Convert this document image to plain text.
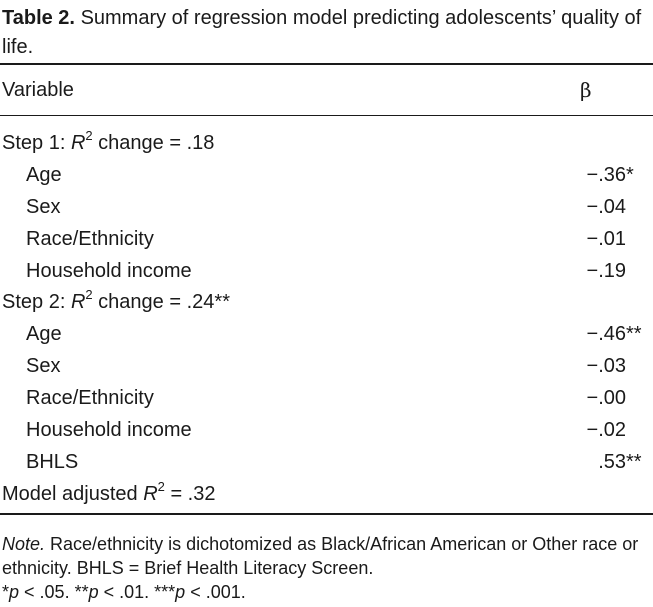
Table 2. Summary of regression model predicting adolescents’ quality of life.
Variable	β
Step 1: $R^2$ change = .18
Age	−.36*
Sex	−.04
Race/Ethnicity	−.01
Household income	−.19
Step 2: $R^2$ change = .24**
Age	−.46**
Sex	−.03
Race/Ethnicity	−.00
Household income	−.02
BHLS	.53**
Model adjusted $R^2 = .32$
Note. Race/ethnicity is dichotomized as Black/African American or Other race or ethnicity. BHLS = Brief Health Literacy Screen.
*p < .05. **p < .01. ***p < .001.
